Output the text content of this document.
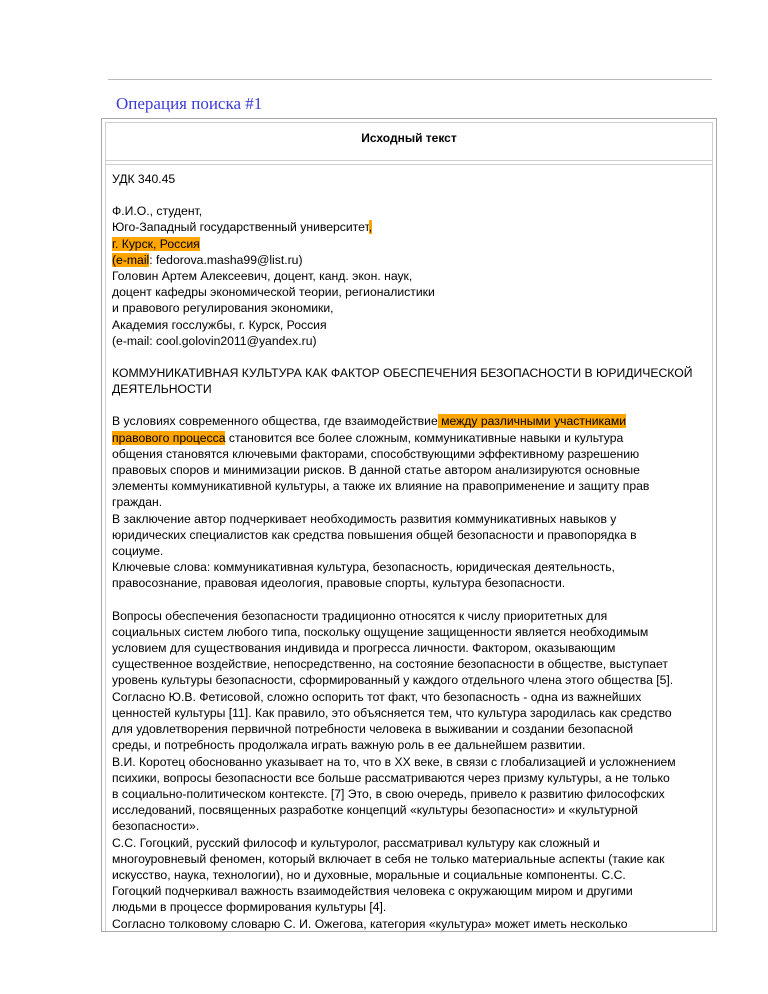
Операция поиска #1
Исходный текст

УДК 340.45

Ф.И.О., студент,

Юго-Западный государственный университет,

г. Курск, Россия

(e-mail: fedorova.masha99@list.ru)

Головин Артем Алексеевич, доцент, канд. экон. наук,

доцент кафедры экономической теории, регионалистики

и правового регулирования экономики,

Академия госслужбы, г. Курск, Россия

(e-mail: cool.golovin2011@yandex.ru)

КОММУНИКАТИВНАЯ КУЛЬТУРА КАК ФАКТОР ОБЕСПЕЧЕНИЯ БЕЗОПАСНОСТИ В ЮРИДИЧЕСКОЙ

ДЕЯТЕЛЬНОСТИ

В условиях современного общества, где взаимодействие между различными участниками

правового процесса становится все более сложным, коммуникативные навыки и культура

общения становятся ключевыми факторами, способствующими эффективному разрешению

правовых споров и минимизации рисков. В данной статье автором анализируются основные

элементы коммуникативной культуры, а также их влияние на правоприменение и защиту прав

граждан.

В заключение автор подчеркивает необходимость развития коммуникативных навыков у

юридических специалистов как средства повышения общей безопасности и правопорядка в

социуме.

Ключевые слова: коммуникативная культура, безопасность, юридическая деятельность,

правосознание, правовая идеология, правовые спорты, культура безопасности.

Вопросы обеспечения безопасности традиционно относятся к числу приоритетных для

социальных систем любого типа, поскольку ощущение защищенности является необходимым

условием для существования индивида и прогресса личности. Фактором, оказывающим

существенное воздействие, непосредственно, на состояние безопасности в обществе, выступает

уровень культуры безопасности, сформированный у каждого отдельного члена этого общества [5].

Согласно Ю.В. Фетисовой, сложно оспорить тот факт, что безопасность - одна из важнейших

ценностей культуры [11]. Как правило, это объясняется тем, что культура зародилась как средство

для удовлетворения первичной потребности человека в выживании и создании безопасной

среды, и потребность продолжала играть важную роль в ее дальнейшем развитии.

В.И. Коротец обоснованно указывает на то, что в XX веке, в связи с глобализацией и усложнением

психики, вопросы безопасности все больше рассматриваются через призму культуры, а не только

в социально-политическом контексте. [7] Это, в свою очередь, привело к развитию философских

исследований, посвященных разработке концепций «культуры безопасности» и «культурной

безопасности».

С.С. Гогоцкий, русский философ и культуролог, рассматривал культуру как сложный и

многоуровневый феномен, который включает в себя не только материальные аспекты (такие как

искусство, наука, технологии), но и духовные, моральные и социальные компоненты. С.С.

Гогоцкий подчеркивал важность взаимодействия человека с окружающим миром и другими

людьми в процессе формирования культуры [4].

Согласно толковому словарю С. И. Ожегова, категория «культура» может иметь несколько
